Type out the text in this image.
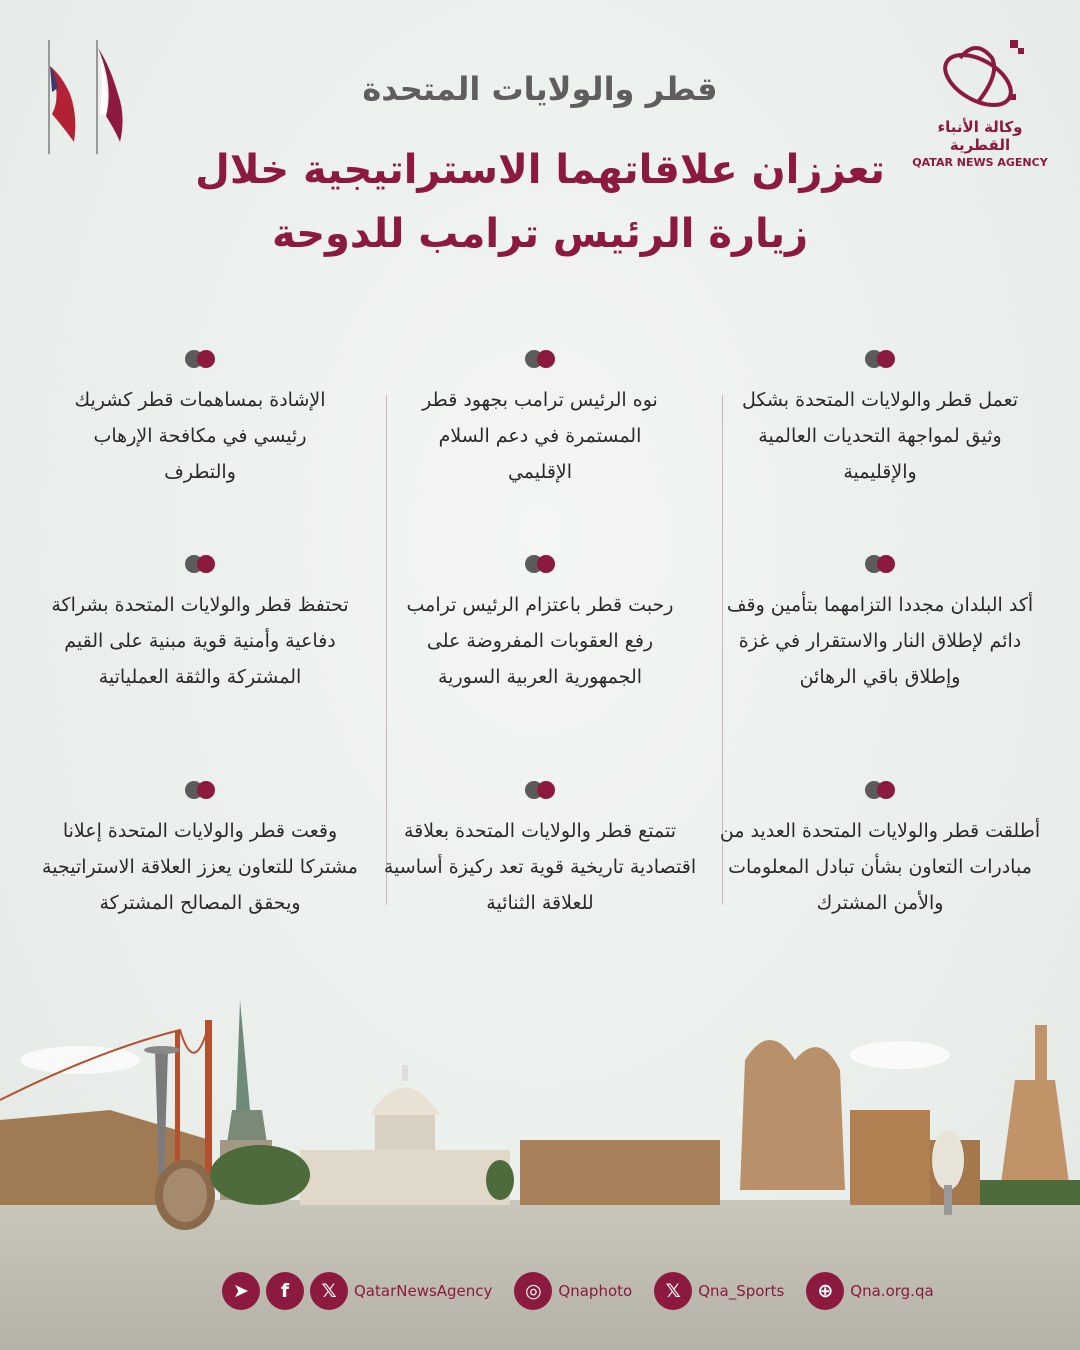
قطر والولايات المتحدة
تعززان علاقاتهما الاستراتيجية خلال زيارة الرئيس ترامب للدوحة
وكالة الأنباء القطرية
QATAR NEWS AGENCY
تعمل قطر والولايات المتحدة بشكل وثيق لمواجهة التحديات العالمية والإقليمية
نوه الرئيس ترامب بجهود قطر المستمرة في دعم السلام الإقليمي
الإشادة بمساهمات قطر كشريك رئيسي في مكافحة الإرهاب والتطرف
أكد البلدان مجددا التزامهما بتأمين وقف دائم لإطلاق النار والاستقرار في غزة وإطلاق باقي الرهائن
رحبت قطر باعتزام الرئيس ترامب رفع العقوبات المفروضة على الجمهورية العربية السورية
تحتفظ قطر والولايات المتحدة بشراكة دفاعية وأمنية قوية مبنية على القيم المشتركة والثقة العملياتية
أطلقت قطر والولايات المتحدة العديد من مبادرات التعاون بشأن تبادل المعلومات والأمن المشترك
تتمتع قطر والولايات المتحدة بعلاقة اقتصادية تاريخية قوية تعد ركيزة أساسية للعلاقة الثنائية
وقعت قطر والولايات المتحدة إعلانا مشتركا للتعاون يعزز العلاقة الاستراتيجية ويحقق المصالح المشتركة
➤	f	𝕏	QatarNewsAgency	◎	Qnaphoto	𝕏	Qna_Sports	⊕	Qna.org.qa
